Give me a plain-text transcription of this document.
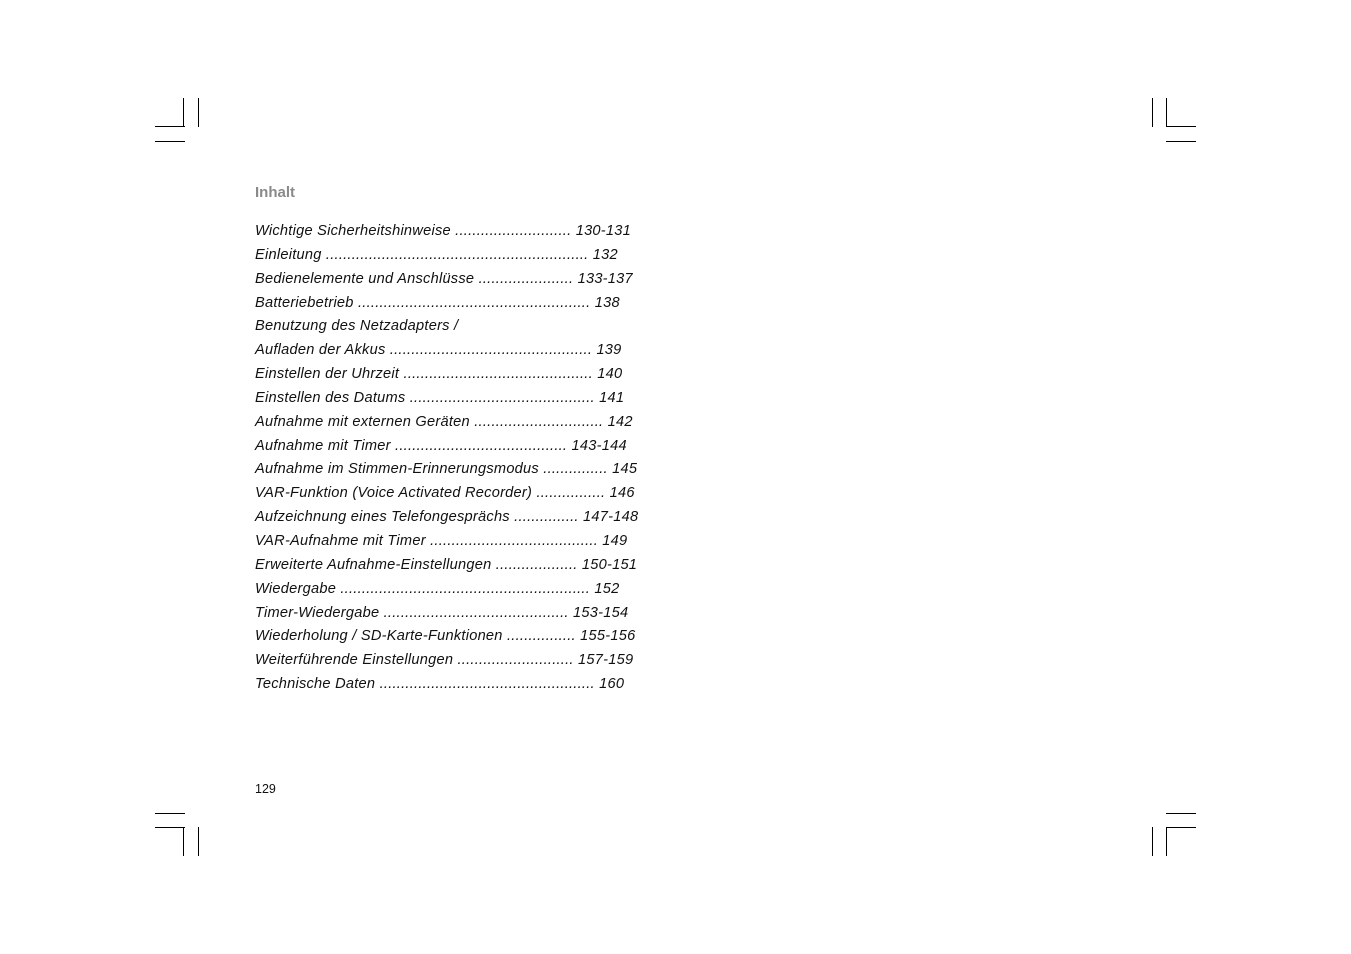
Inhalt
Wichtige Sicherheitshinweise ........................... 130-131
Einleitung ............................................................. 132
Bedienelemente und Anschlüsse ...................... 133-137
Batteriebetrieb ...................................................... 138
Benutzung des Netzadapters /
Aufladen der Akkus ............................................... 139
Einstellen der Uhrzeit ............................................ 140
Einstellen des Datums ........................................... 141
Aufnahme mit externen Geräten .............................. 142
Aufnahme mit Timer ........................................ 143-144
Aufnahme im Stimmen-Erinnerungsmodus ............... 145
VAR-Funktion (Voice Activated Recorder) ................ 146
Aufzeichnung eines Telefongesprächs ............... 147-148
VAR-Aufnahme mit Timer ....................................... 149
Erweiterte Aufnahme-Einstellungen ................... 150-151
Wiedergabe .......................................................... 152
Timer-Wiedergabe ........................................... 153-154
Wiederholung / SD-Karte-Funktionen ................ 155-156
Weiterführende Einstellungen ........................... 157-159
Technische Daten .................................................. 160
129
